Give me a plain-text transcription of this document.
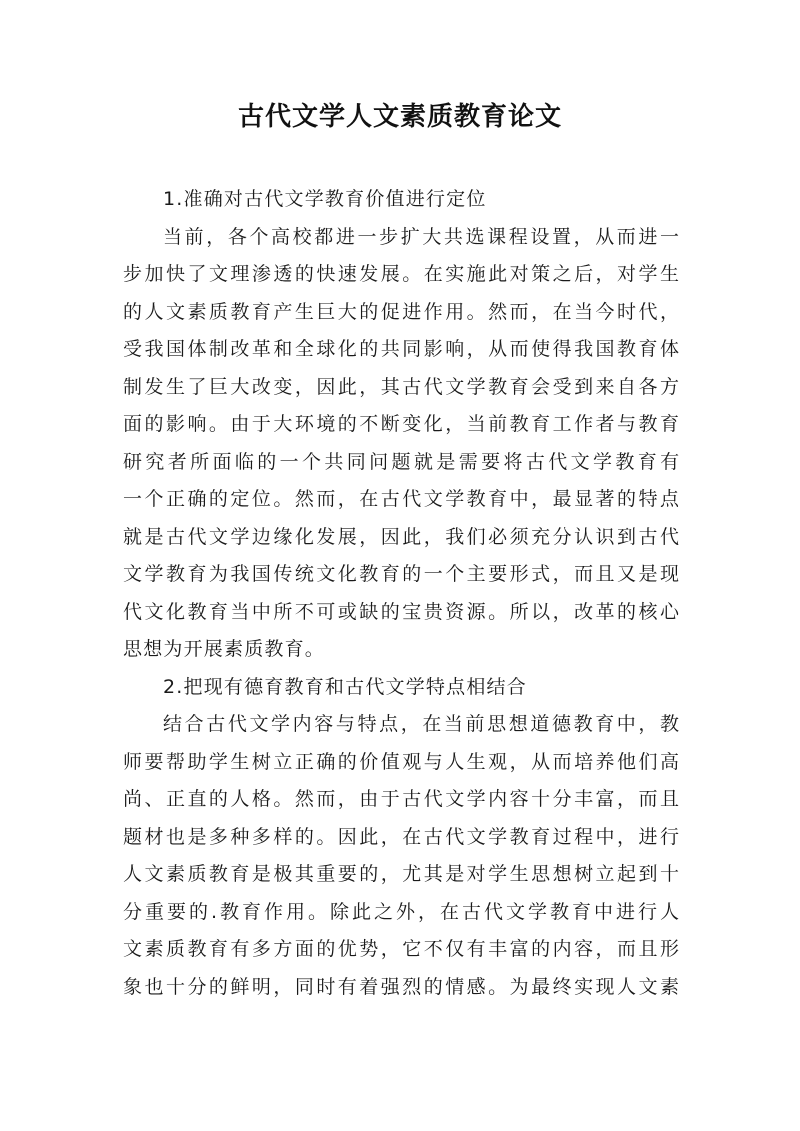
古代文学人文素质教育论文
1.准确对古代文学教育价值进行定位
当前，各个高校都进一步扩大共选课程设置，从而进一
步加快了文理渗透的快速发展。在实施此对策之后，对学生
的人文素质教育产生巨大的促进作用。然而，在当今时代，
受我国体制改革和全球化的共同影响，从而使得我国教育体
制发生了巨大改变，因此，其古代文学教育会受到来自各方
面的影响。由于大环境的不断变化，当前教育工作者与教育
研究者所面临的一个共同问题就是需要将古代文学教育有
一个正确的定位。然而，在古代文学教育中，最显著的特点
就是古代文学边缘化发展，因此，我们必须充分认识到古代
文学教育为我国传统文化教育的一个主要形式，而且又是现
代文化教育当中所不可或缺的宝贵资源。所以，改革的核心
思想为开展素质教育。
2.把现有德育教育和古代文学特点相结合
结合古代文学内容与特点，在当前思想道德教育中，教
师要帮助学生树立正确的价值观与人生观，从而培养他们高
尚、正直的人格。然而，由于古代文学内容十分丰富，而且
题材也是多种多样的。因此，在古代文学教育过程中，进行
人文素质教育是极其重要的，尤其是对学生思想树立起到十
分重要的.教育作用。除此之外，在古代文学教育中进行人
文素质教育有多方面的优势，它不仅有丰富的内容，而且形
象也十分的鲜明，同时有着强烈的情感。为最终实现人文素
